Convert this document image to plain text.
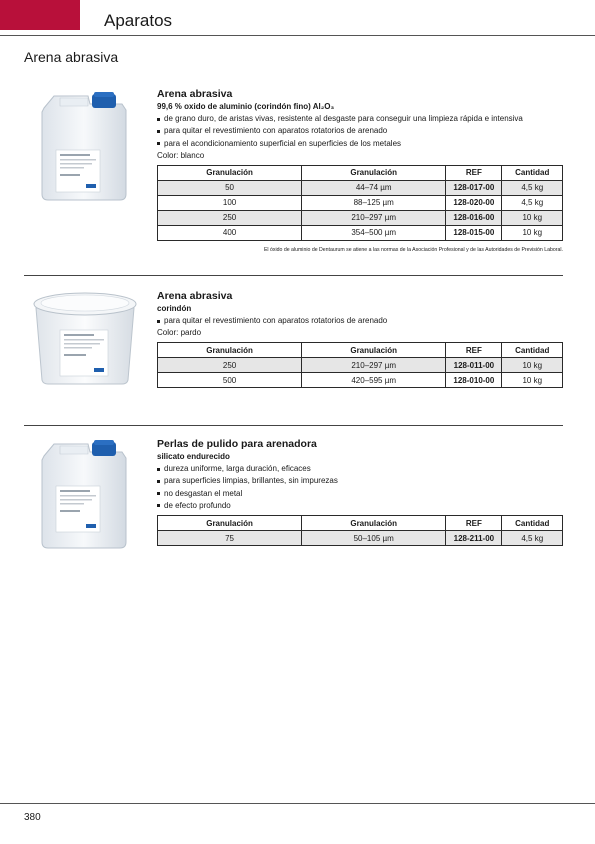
Aparatos
Arena abrasiva
Arena abrasiva
99,6 % oxido de aluminio (corindón fino) Al₂O₃
de grano duro, de aristas vivas, resistente al desgaste para conseguir una limpieza rápida e intensiva
para quitar el revestimiento con aparatos rotatorios de arenado
para el acondicionamiento superficial en superficies de los metales
Color: blanco
Granulación	Granulación	REF	Cantidad
50	44–74 µm	128-017-00	4,5 kg
100	88–125 µm	128-020-00	4,5 kg
250	210–297 µm	128-016-00	10 kg
400	354–500 µm	128-015-00	10 kg
El óxido de aluminio de Dentaurum se atiene a las normas de la Asociación Profesional y de las Autoridades de Previsión Laboral.
Arena abrasiva
corindón
para quitar el revestimiento con aparatos rotatorios de arenado
Color: pardo
Granulación	Granulación	REF	Cantidad
250	210–297 µm	128-011-00	10 kg
500	420–595 µm	128-010-00	10 kg
Perlas de pulido para arenadora
silicato endurecido
dureza uniforme, larga duración, eficaces
para superficies limpias, brillantes, sin impurezas
no desgastan el metal
de efecto profundo
Granulación	Granulación	REF	Cantidad
75	50–105 µm	128-211-00	4,5 kg
380
